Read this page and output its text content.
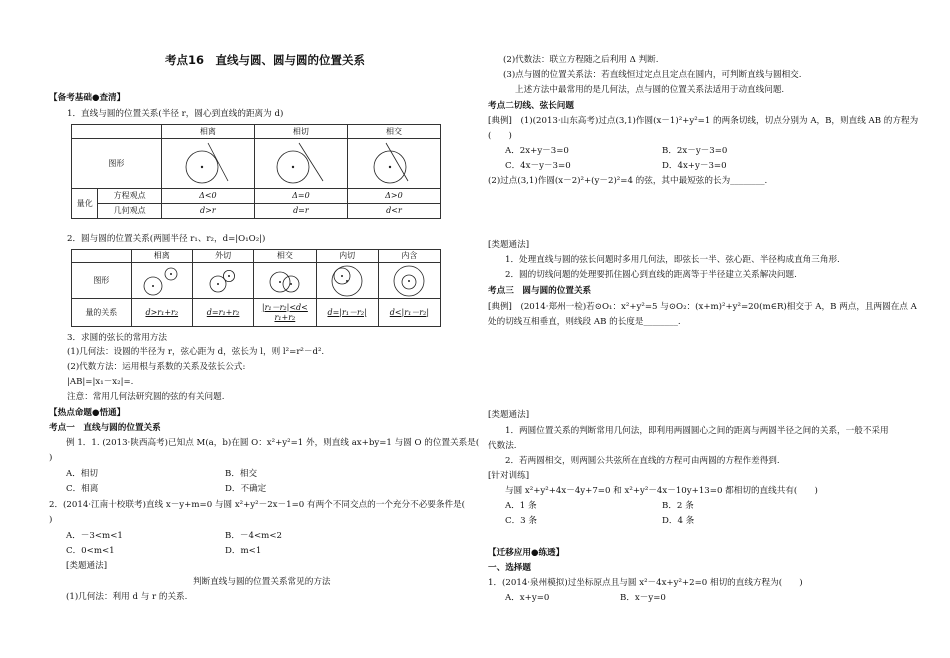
考点16　直线与圆、圆与圆的位置关系
【备考基础●查清】
1．直线与圆的位置关系(半径 r，圆心到直线的距离为 d)
		相离	相切	相交
图形	

量化	方程观点	Δ<0	Δ=0	Δ>0
	几何观点	d>r	d=r	d<r
2．圆与圆的位置关系(两圆半径 r₁、r₂，d=|O₁O₂|)
	相离	外切	相交	内切	内含
图形	

量的关系	d>r₁+r₂	d=r₁+r₂	|r₁－r₂|<d<
r₁+r₂	d=|r₁－r₂|	d<|r₁－r₂|
3．求圆的弦长的常用方法
(1)几何法：设圆的半径为 r，弦心距为 d，弦长为 l，则 l²=r²－d².
(2)代数方法：运用根与系数的关系及弦长公式:
|AB|=|x₁－x₂|=.
注意：常用几何法研究圆的弦的有关问题.
【热点命题●悟通】
考点一　直线与圆的位置关系
例 1．1. (2013·陕西高考)已知点 M(a，b)在圆 O：x²+y²=1 外，则直线 ax+by=1 与圆 O 的位置关系是(
)
A．相切	B．相交
C．相离	D．不确定
2．(2014·江南十校联考)直线 x－y+m=0 与圆 x²+y²－2x－1=0 有两个不同交点的一个充分不必要条件是(
)
A．－3<m<1	B．－4<m<2
C．0<m<1	D．m<1
[类题通法]
判断直线与圆的位置关系常见的方法
(1)几何法：利用 d 与 r 的关系.
(2)代数法：联立方程随之后利用 Δ 判断.
(3)点与圆的位置关系法：若直线恒过定点且定点在圆内，可判断直线与圆相交.
上述方法中最常用的是几何法，点与圆的位置关系法适用于动直线问题.
考点二切线、弦长问题
[典例]　(1)(2013·山东高考)过点(3,1)作圆(x－1)²+y²=1 的两条切线，切点分别为 A，B，则直线 AB 的方程为
(　　)
A．2x+y－3=0	B．2x－y－3=0
C．4x－y－3=0	D．4x+y－3=0
(2)过点(3,1)作圆(x－2)²+(y－2)²=4 的弦，其中最短弦的长为________.
[类题通法]
1．处理直线与圆的弦长问题时多用几何法，即弦长一半、弦心距、半径构成直角三角形.
2．圆的切线问题的处理要抓住圆心到直线的距离等于半径建立关系解决问题.
考点三　圆与圆的位置关系
[典例]　(2014·郑州一检)若⊙O₁：x²+y²=5 与⊙O₂：(x+m)²+y²=20(m∈R)相交于 A，B 两点，且两圆在点 A
处的切线互相垂直，则线段 AB 的长度是________.
[类题通法]
1．两圆位置关系的判断常用几何法，即利用两圆圆心之间的距离与两圆半径之间的关系，一般不采用
代数法.
2．若两圆相交，则两圆公共弦所在直线的方程可由两圆的方程作差得到.
[针对训练]
与圆 x²+y²+4x－4y+7=0 和 x²+y²－4x－10y+13=0 都相切的直线共有(　　)
A．1 条	B．2 条
C．3 条	D．4 条
【迁移应用●练透】
一、选择题
1．(2014·泉州模拟)过坐标原点且与圆 x²－4x+y²+2=0 相切的直线方程为(　　)
A．x+y=0	B．x－y=0
